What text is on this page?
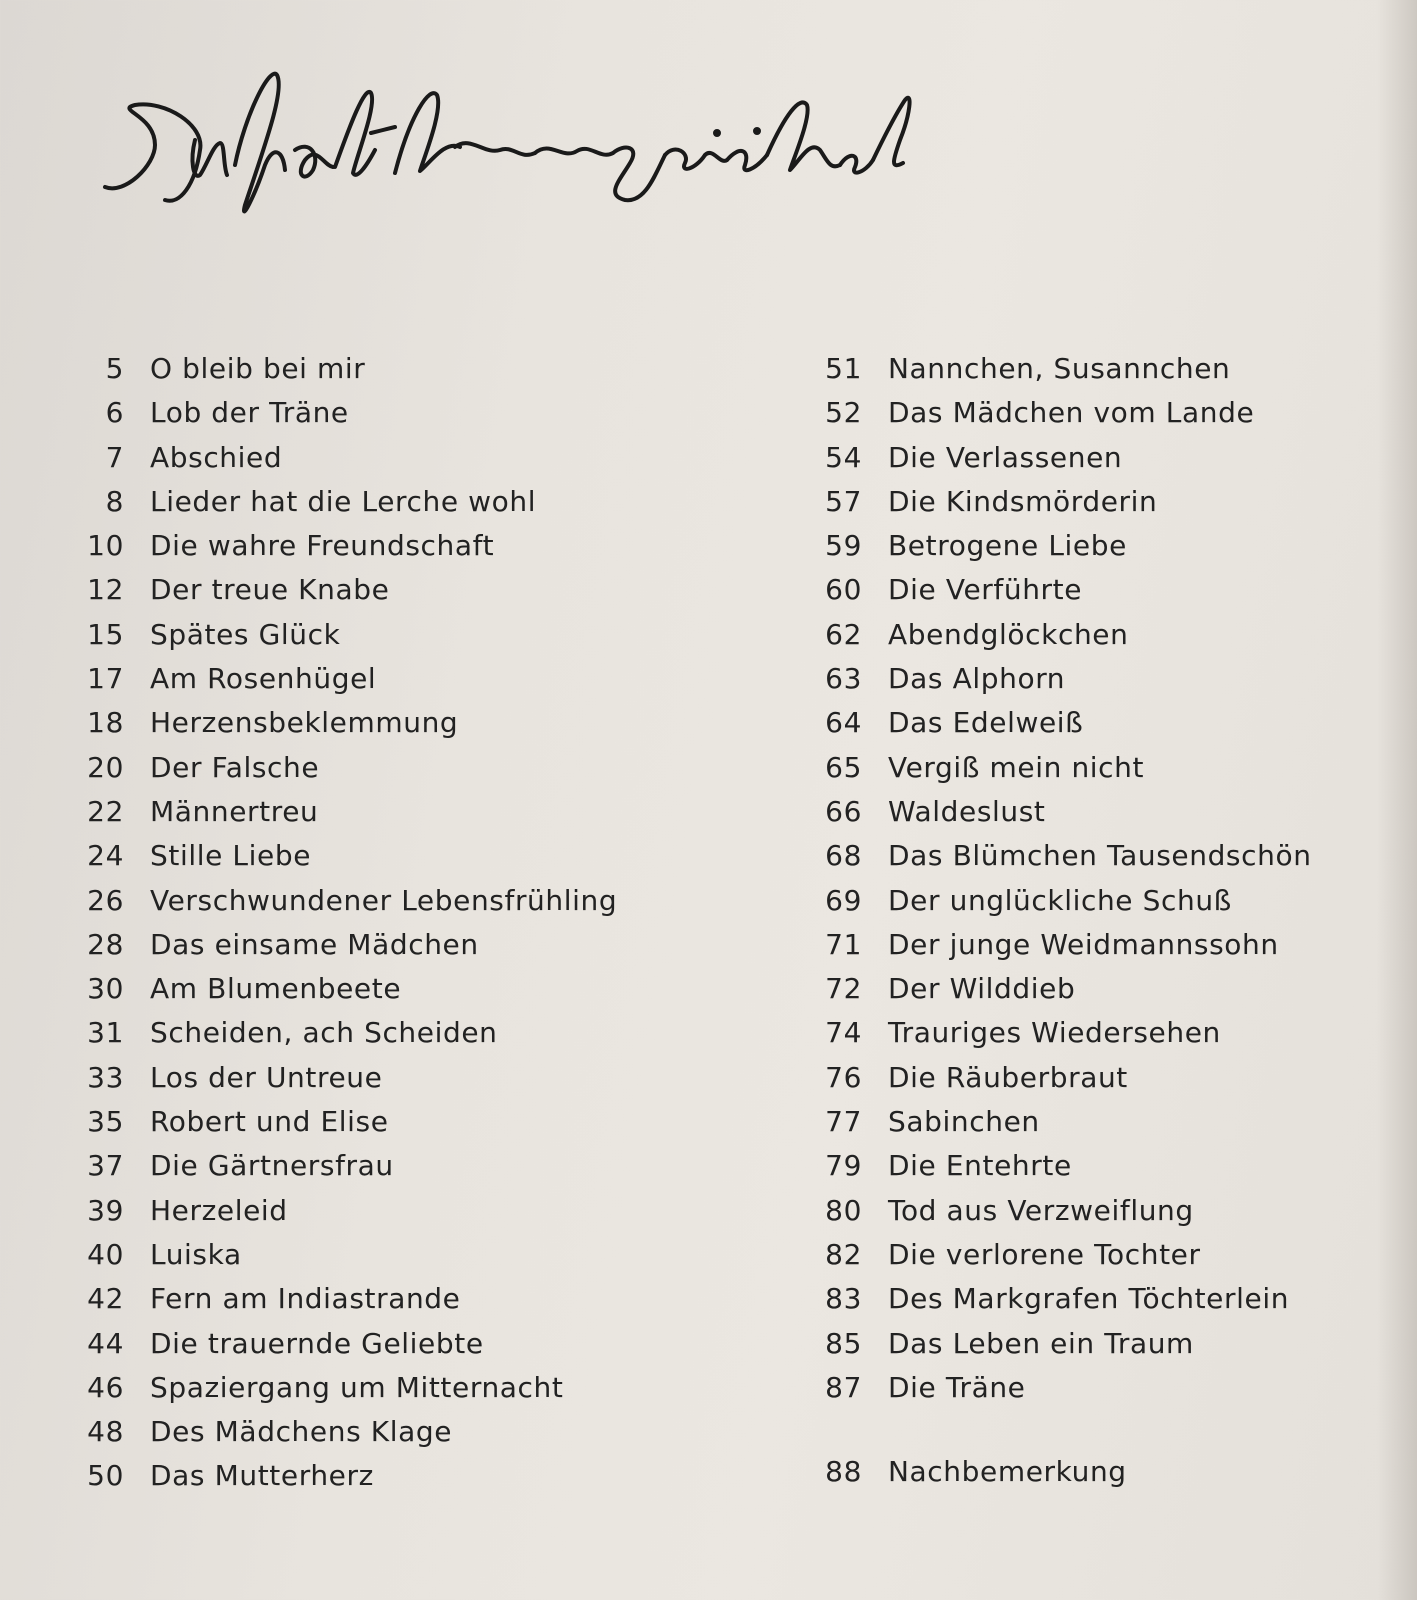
5 O bleib bei mir
6 Lob der Träne
7 Abschied
8 Lieder hat die Lerche wohl
10 Die wahre Freundschaft
12 Der treue Knabe
15 Spätes Glück
17 Am Rosenhügel
18 Herzensbeklemmung
20 Der Falsche
22 Männertreu
24 Stille Liebe
26 Verschwundener Lebensfrühling
28 Das einsame Mädchen
30 Am Blumenbeete
31 Scheiden, ach Scheiden
33 Los der Untreue
35 Robert und Elise
37 Die Gärtnersfrau
39 Herzeleid
40 Luiska
42 Fern am Indiastrande
44 Die trauernde Geliebte
46 Spaziergang um Mitternacht
48 Des Mädchens Klage
50 Das Mutterherz
51 Nannchen, Susannchen
52 Das Mädchen vom Lande
54 Die Verlassenen
57 Die Kindsmörderin
59 Betrogene Liebe
60 Die Verführte
62 Abendglöckchen
63 Das Alphorn
64 Das Edelweiß
65 Vergiß mein nicht
66 Waldeslust
68 Das Blümchen Tausendschön
69 Der unglückliche Schuß
71 Der junge Weidmannssohn
72 Der Wilddieb
74 Trauriges Wiedersehen
76 Die Räuberbraut
77 Sabinchen
79 Die Entehrte
80 Tod aus Verzweiflung
82 Die verlorene Tochter
83 Des Markgrafen Töchterlein
85 Das Leben ein Traum
87 Die Träne
88 Nachbemerkung
